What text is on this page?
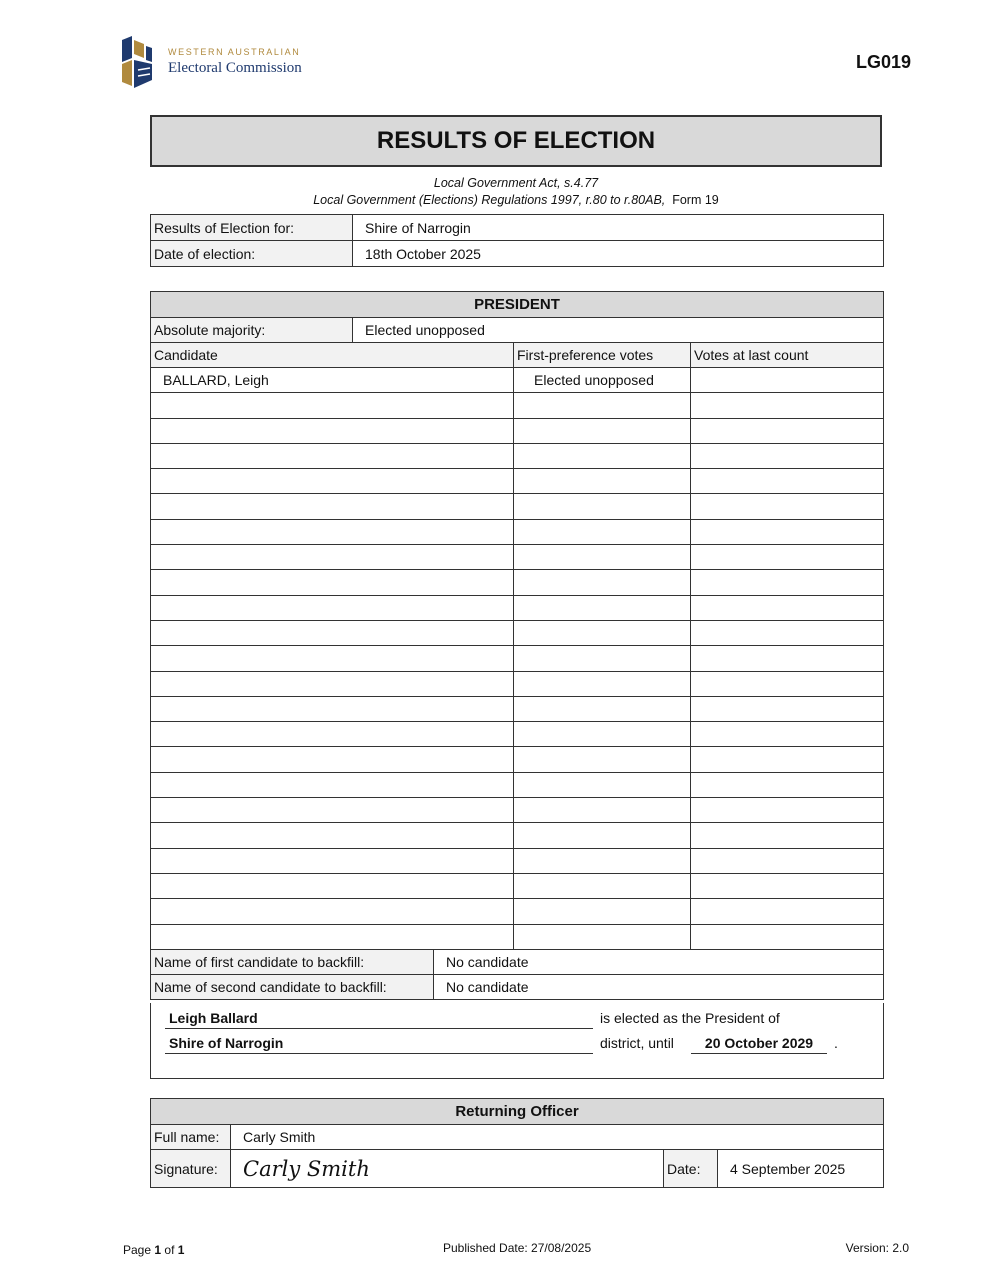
WESTERN AUSTRALIAN
Electoral Commission	LG019
RESULTS OF ELECTION
Local Government Act, s.4.77
Local Government (Elections) Regulations 1997, r.80 to r.80AB, Form 19
Results of Election for:	Shire of Narrogin
Date of election:	18th October 2025
PRESIDENT				
Absolute majority:	Elected unopposed			
Candidate			First-preference votes	Votes at last count
BALLARD, Leigh			Elected unopposed	

Name of first candidate to backfill:		No candidate		
Name of second candidate to backfill:		No candidate		
Leigh Ballard	is elected as the President of
Shire of Narrogin	district, until	20 October 2029	.
Returning Officer			
Full name:	Carly Smith		
Signature:	Carly Smith	Date:	4 September 2025
Page 1 of 1	Published Date: 27/08/2025	Version: 2.0
